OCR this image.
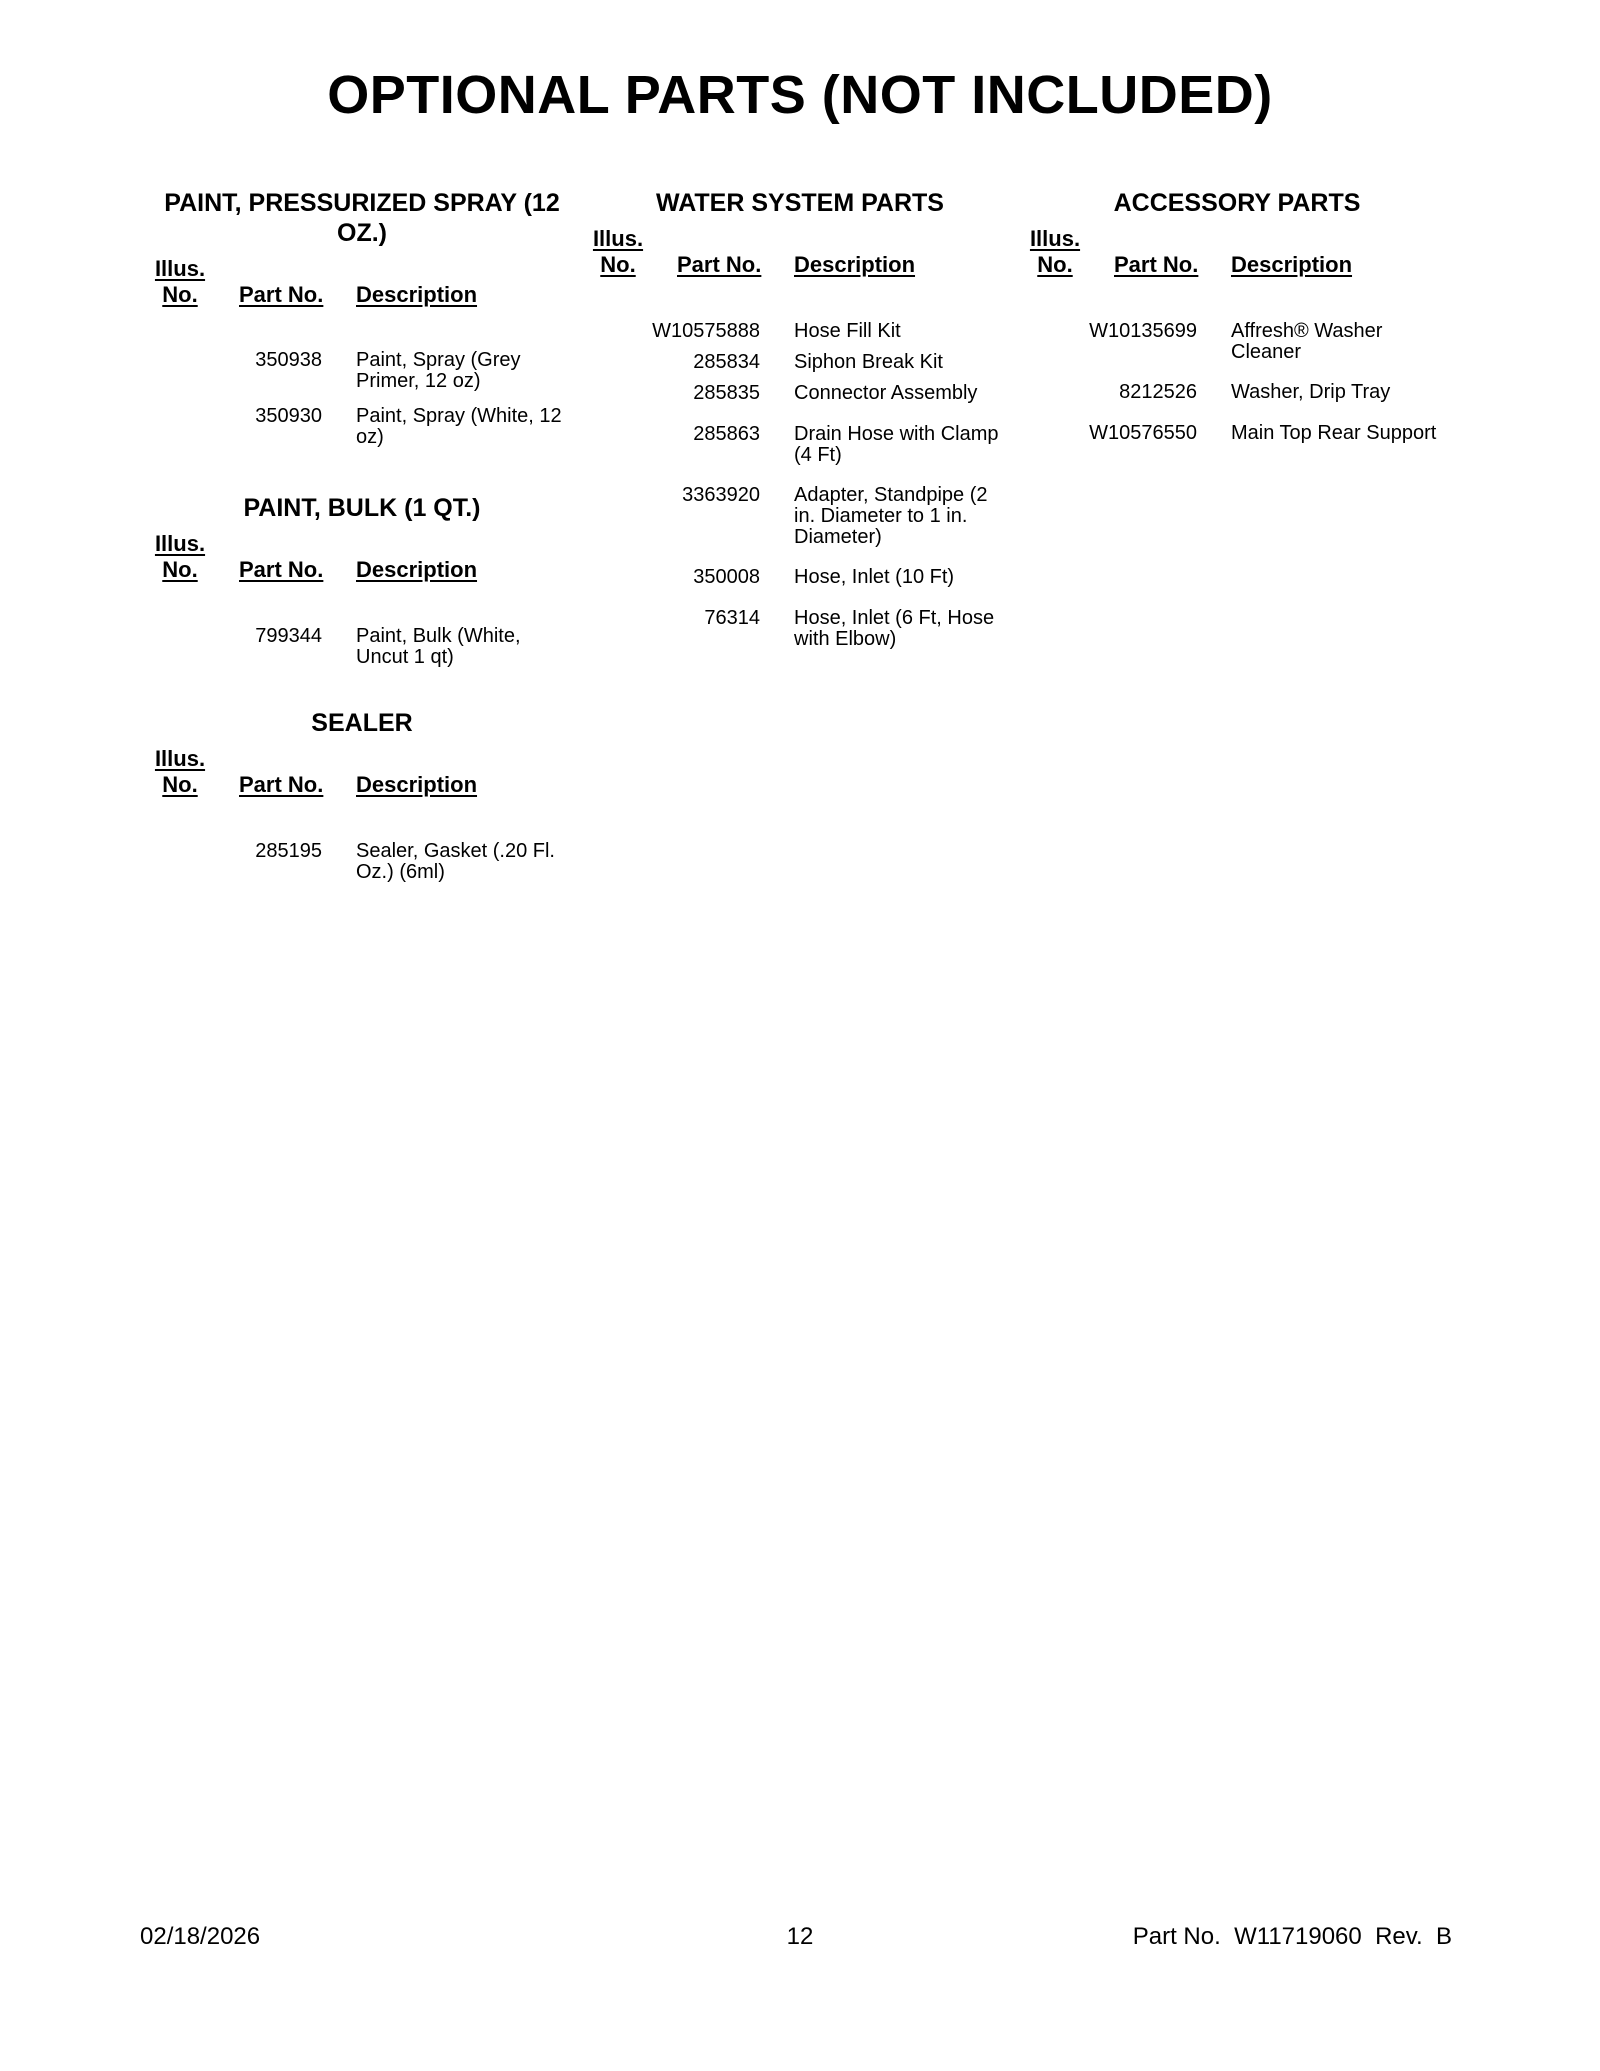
OPTIONAL PARTS (NOT INCLUDED)
PAINT, PRESSURIZED SPRAY (12 OZ.)
Illus. No.	Part No. Description
350938 Paint, Spray (Grey Primer, 12 oz)
350930 Paint, Spray (White, 12 oz)
PAINT, BULK (1 QT.)
Illus. No.	Part No. Description
799344 Paint, Bulk (White, Uncut 1 qt)
SEALER
Illus. No.	Part No. Description
285195 Sealer, Gasket (.20 Fl. Oz.) (6ml)
WATER SYSTEM PARTS
Illus. No.	Part No. Description
W10575888 Hose Fill Kit
285834 Siphon Break Kit
285835 Connector Assembly
285863 Drain Hose with Clamp (4 Ft)
3363920 Adapter, Standpipe (2 in. Diameter to 1 in. Diameter)
350008 Hose, Inlet (10 Ft)
76314 Hose, Inlet (6 Ft, Hose with Elbow)
ACCESSORY PARTS
Illus. No.	Part No. Description
W10135699 Affresh® Washer Cleaner
8212526 Washer, Drip Tray
W10576550 Main Top Rear Support
02/18/2026	12	Part No.  W11719060  Rev.  B
